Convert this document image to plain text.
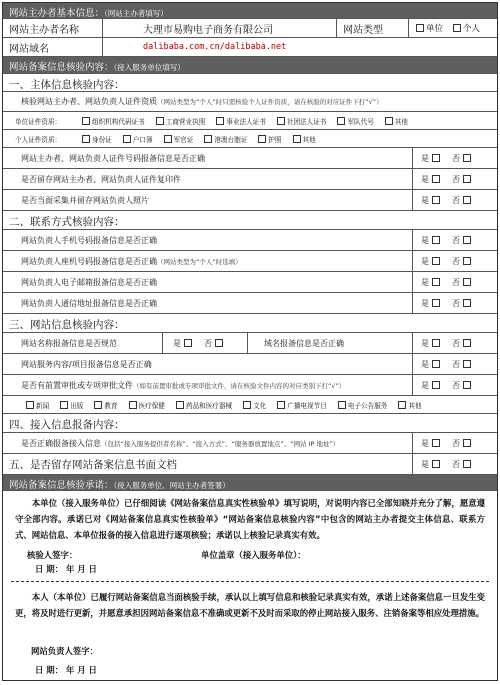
网站主办者基本信息：（网站主办者填写）
网站主办者名称	大理市易购电子商务有限公司	网站类型	单位 个人
网站域名	dalibaba.com.cn/dalibaba.net
网站备案信息核验内容：（接入服务单位填写）
一、主体信息核验内容：
核验网站主办者、网站负责人证件资质 （网站类型为“个人”时只需核验个人证件资质，请在核验的对应证件下打“√”）
单位证件资质：	组织机构代码证书	工商营业执照	事业法人证书	社团法人证书	军队代号	其他
个人证件资质：	身份证	户口簿	军官证	港澳台胞证	护照	其他
网站主办者、网站负责人证件号码报备信息是否正确	是	否
是否留存网站主办者、网站负责人证件复印件	是	否
是否当面采集并留存网站负责人照片	是	否
二、联系方式核验内容：
网站负责人手机号码报备信息是否正确	是	否
网站负责人座机号码报备信息是否正确 （网站类型为“个人”时选填）	是	否
网站负责人电子邮箱报备信息是否正确	是	否
网站负责人通信地址报备信息是否正确	是	否
三、网站信息核验内容：
网站名称报备信息是否规范	是	否	域名报备信息是否正确	是	否
网站服务内容/项目报备信息是否正确	是	否
是否有前置审批或专项审批文件 （如有前置审批或专项审批文件，请在核验文件内容的对应类别下打“√”）	是	否
新闻	出版	教育	医疗保健	药品和医疗器械	文化	广播电视节目	电子公告服务	其他
四、接入信息报备内容：
是否正确报备接入信息 （包括“接入服务提供者名称”、“接入方式”、“服务器放置地点”、“网站 IP 地址”）	是	否
五、是否留存网站备案信息书面文档	是	否
网站备案信息核验承诺：（接入服务单位、网站主办者签署）
本单位（接入服务单位）已仔细阅读《网站备案信息真实性核验单》填写说明，对说明内容已全部知晓并充分了解，愿意遵守全部内容。承诺已对《网站备案信息真实性核验单》“网站备案信息核验内容”中包含的网站主办者提交主体信息、联系方式、网站信息、本单位报备的接入信息进行逐项核验；承诺以上核验记录真实有效。
核验人签字：	单位盖章（接入服务单位）：
日 期： 年 月 日
本人（本单位）已履行网站备案信息当面核验手续，承认以上填写信息和核验记录真实有效，承诺上述备案信息一旦发生变更，将及时进行更新，并愿意承担因网站备案信息不准确或更新不及时而采取的停止网站接入服务、注销备案等相应处理措施。
网站负责人签字：
日 期： 年 月 日
